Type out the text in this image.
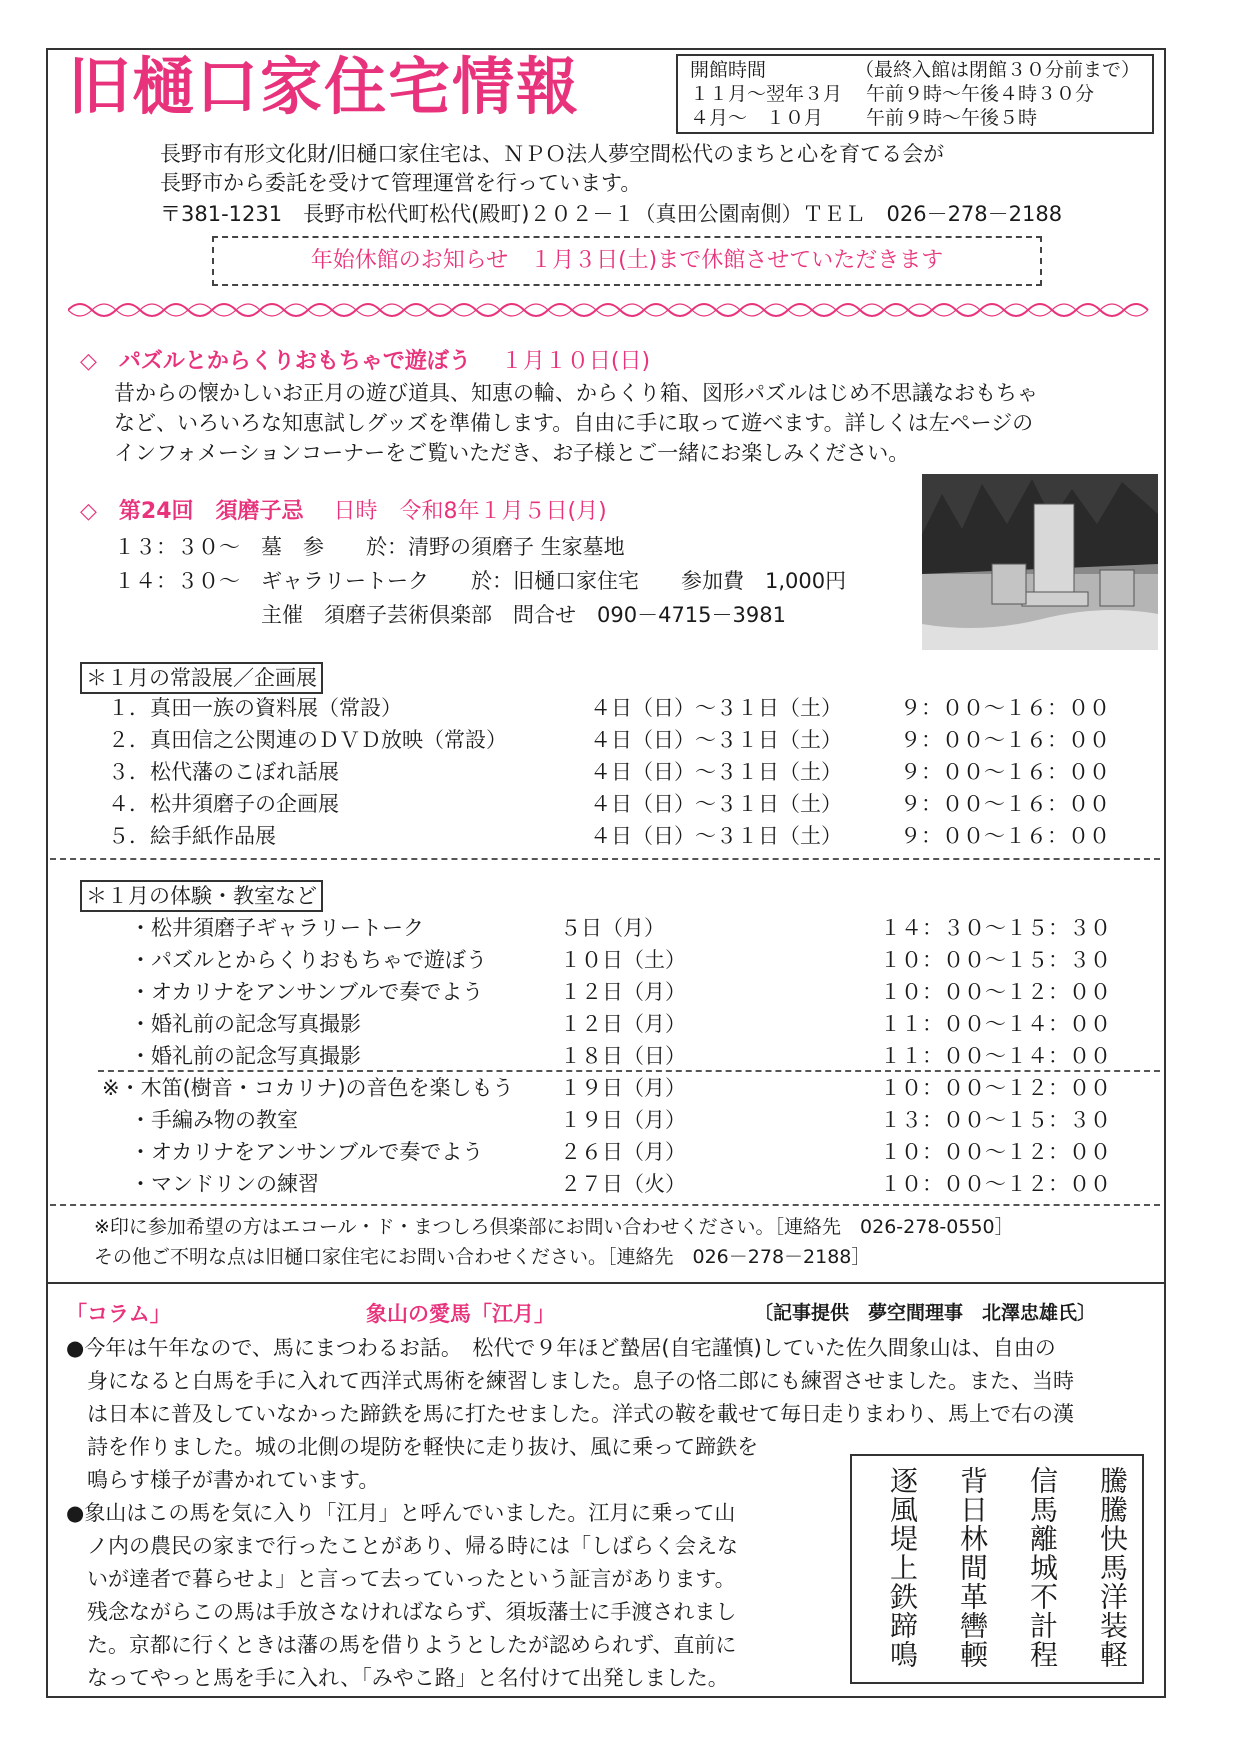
旧樋口家住宅情報	開館時間	（最終入館は閉館３０分前まで）
１１月～翌年３月	午前９時～午後４時３０分
４月～　１０月	午前９時～午後５時
長野市有形文化財/旧樋口家住宅は、ＮＰＯ法人夢空間松代のまちと心を育てる会が
長野市から委託を受けて管理運営を行っています。
〒381-1231　長野市松代町松代(殿町)２０２－１（真田公園南側）ＴＥＬ　026－278－2188
年始休館のお知らせ　１月３日(土)まで休館させていただきます
◇　パズルとからくりおもちゃで遊ぼう １月１０日(日)
昔からの懐かしいお正月の遊び道具、知恵の輪、からくり箱、図形パズルはじめ不思議なおもちゃ
など、いろいろな知恵試しグッズを準備します。自由に手に取って遊べます。詳しくは左ページの
インフォメーションコーナーをご覧いただき、お子様とご一緒にお楽しみください。
◇　第24回　須磨子忌 日時　令和8年１月５日(月)
１３：３０～　墓　参　　於：清野の須磨子 生家墓地
１４：３０～　ギャラリートーク　　於：旧樋口家住宅　　参加費　1,000円
　　　　　　　主催　須磨子芸術倶楽部　問合せ　090－4715－3981
＊１月の常設展／企画展
１．真田一族の資料展（常設）	４日（日）～３１日（土）	９：００～１６：００
２．真田信之公関連のＤＶＤ放映（常設）	４日（日）～３１日（土）	９：００～１６：００
３．松代藩のこぼれ話展	４日（日）～３１日（土）	９：００～１６：００
４．松井須磨子の企画展	４日（日）～３１日（土）	９：００～１６：００
５．絵手紙作品展	４日（日）～３１日（土）	９：００～１６：００
＊１月の体験・教室など
・松井須磨子ギャラリートーク	５日（月）	１４：３０～１５：３０
・パズルとからくりおもちゃで遊ぼう	１０日（土）	１０：００～１５：３０
・オカリナをアンサンブルで奏でよう	１２日（月）	１０：００～１２：００
・婚礼前の記念写真撮影	１２日（月）	１１：００～１４：００
・婚礼前の記念写真撮影	１８日（日）	１１：００～１４：００
※・木笛(樹音・コカリナ)の音色を楽しもう １９日（月）	１０：００～１２：００
・手編み物の教室	１９日（月）	１３：００～１５：３０
・オカリナをアンサンブルで奏でよう	２６日（月）	１０：００～１２：００
・マンドリンの練習	２７日（火）	１０：００～１２：００
※印に参加希望の方はエコール・ド・まつしろ倶楽部にお問い合わせください。［連絡先　026-278-0550］
その他ご不明な点は旧樋口家住宅にお問い合わせください。［連絡先　026－278－2188］
「コラム」	象山の愛馬「江月」	〔記事提供　夢空間理事　北澤忠雄氏〕
●今年は午年なので、馬にまつわるお話。　松代で９年ほど蟄居(自宅謹慎)していた佐久間象山は、自由の
　身になると白馬を手に入れて西洋式馬術を練習しました。息子の恪二郎にも練習させました。また、当時
　は日本に普及していなかった蹄鉄を馬に打たせました。洋式の鞍を載せて毎日走りまわり、馬上で右の漢
　詩を作りました。城の北側の堤防を軽快に走り抜け、風に乗って蹄鉄を
　鳴らす様子が書かれています。
●象山はこの馬を気に入り「江月」と呼んでいました。江月に乗って山
　ノ内の農民の家まで行ったことがあり、帰る時には「しばらく会えな
　いが達者で暮らせよ」と言って去っていったという証言があります。
　残念ながらこの馬は手放さなければならず、須坂藩士に手渡されまし
　た。京都に行くときは藩の馬を借りようとしたが認められず、直前に
　なってやっと馬を手に入れ、「みやこ路」と名付けて出発しました。
騰騰快馬洋装軽
信馬離城不計程
背日林間革轡輭
逐風堤上鉄蹄鳴
